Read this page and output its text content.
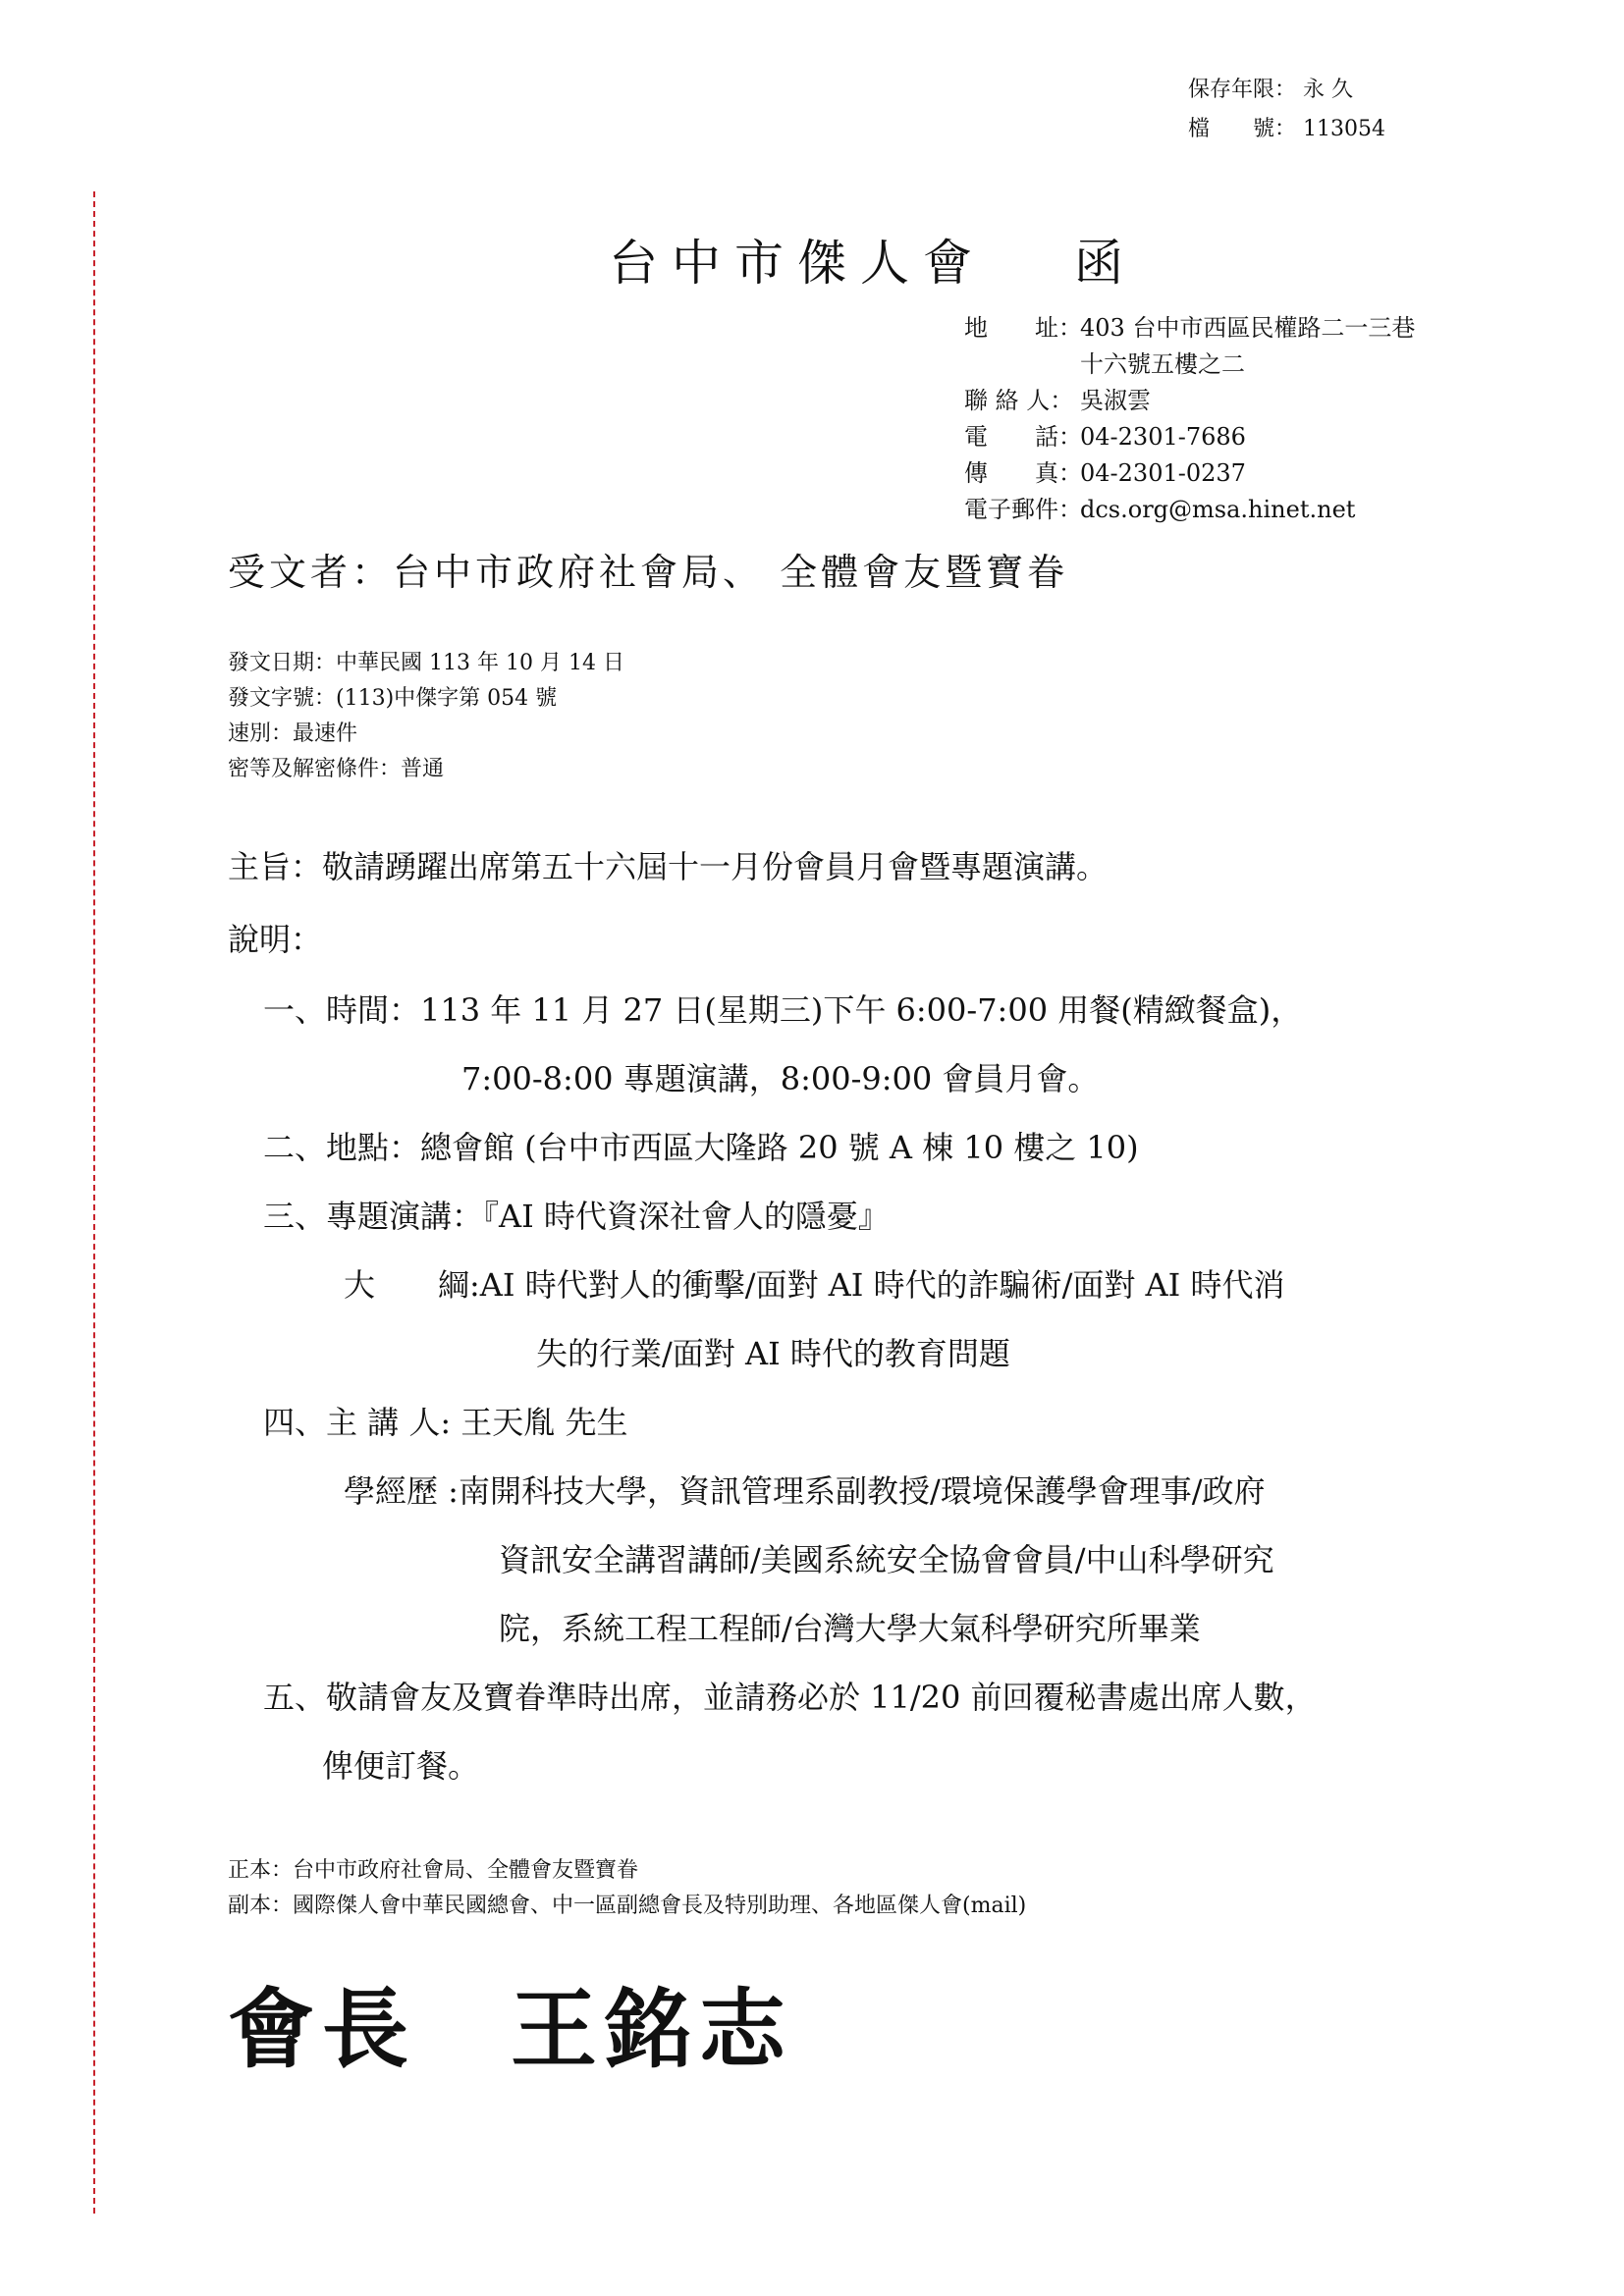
保存年限： 永 久
檔　　號： 113054
台中市傑人會 函
地　　址：
403 台中市西區民權路二一三巷
十六號五樓之二
聯 絡 人： 吳淑雲
電　　話：
04-2301-7686
傳　　真：
04-2301-0237
電子郵件：
dcs.org@msa.hinet.net
受文者：台中市政府社會局、 全體會友暨寶眷
發文日期：中華民國 113 年 10 月 14 日
發文字號：(113)中傑字第 054 號
速別：最速件
密等及解密條件：普通
主旨：敬請踴躍出席第五十六屆十一月份會員月會暨專題演講。
說明：
一、時間：113 年 11 月 27 日(星期三)下午 6:00-7:00 用餐(精緻餐盒)，
7:00-8:00 專題演講，8:00-9:00 會員月會。
二、地點：總會館 (台中市西區大隆路 20 號 A 棟 10 樓之 10)
三、專題演講：『AI 時代資深社會人的隱憂』
大　　綱:AI 時代對人的衝擊/面對 AI 時代的詐騙術/面對 AI 時代消
失的行業/面對 AI 時代的教育問題
四、主 講 人: 王天胤 先生
學經歷 :南開科技大學，資訊管理系副教授/環境保護學會理事/政府
資訊安全講習講師/美國系統安全協會會員/中山科學研究
院，系統工程工程師/台灣大學大氣科學研究所畢業
五、敬請會友及寶眷準時出席，並請務必於 11/20 前回覆秘書處出席人數，
俾便訂餐。
正本：台中市政府社會局、全體會友暨寶眷
副本：國際傑人會中華民國總會、中一區副總會長及特別助理、各地區傑人會(mail)
會長　王銘志
